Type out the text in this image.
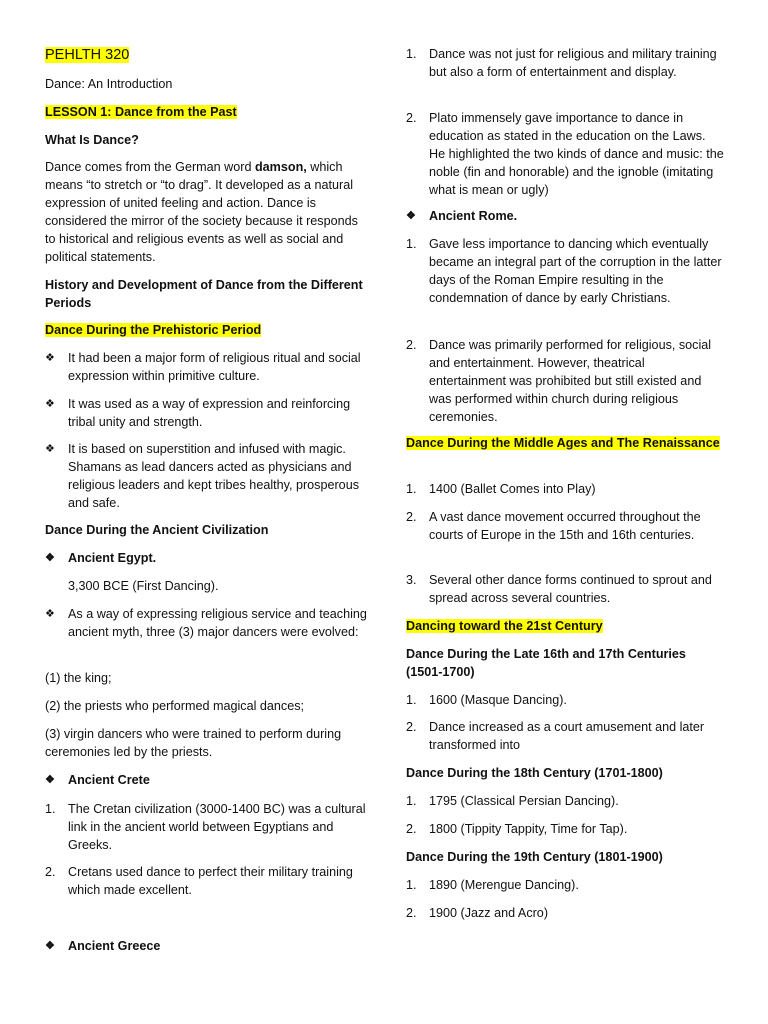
PEHLTH 320

Dance: An Introduction

LESSON 1: Dance from the Past

What Is Dance?

Dance comes from the German word damson, which means “to stretch or “to drag”. It developed as a natural expression of united feeling and action. Dance is considered the mirror of the society because it responds to historical and religious events as well as social and political statements.

History and Development of Dance from the Different Periods

Dance During the Prehistoric Period

❖	It had been a major form of religious ritual and social expression within primitive culture.
❖	It was used as a way of expression and reinforcing tribal unity and strength.
❖	It is based on superstition and infused with magic. Shamans as lead dancers acted as physicians and religious leaders and kept tribes healthy, prosperous and safe.

Dance During the Ancient Civilization

❖	Ancient Egypt.

3,300 BCE (First Dancing).

❖	As a way of expressing religious service and teaching ancient myth, three (3) major dancers were evolved:

(1) the king;

(2) the priests who performed magical dances;

(3) virgin dancers who were trained to perform during ceremonies led by the priests.

❖	Ancient Crete
1. The Cretan civilization (3000-1400 BC) was a cultural link in the ancient world between Egyptians and Greeks.
2. Cretans used dance to perfect their military training which made excellent.
❖	Ancient Greece
1. Dance was not just for religious and military training but also a form of entertainment and display.
2. Plato immensely gave importance to dance in education as stated in the education on the Laws. He highlighted the two kinds of dance and music: the noble (fin and honorable) and the ignoble (imitating what is mean or ugly)
❖	Ancient Rome.
1. Gave less importance to dancing which eventually became an integral part of the corruption in the latter days of the Roman Empire resulting in the condemnation of dance by early Christians.
2. Dance was primarily performed for religious, social and entertainment. However, theatrical entertainment was prohibited but still existed and was performed within church during religious ceremonies.

Dance During the Middle Ages and The Renaissance

1. 1400 (Ballet Comes into Play)
2. A vast dance movement occurred throughout the courts of Europe in the 15th and 16th centuries.
3. Several other dance forms continued to sprout and spread across several countries.

Dancing toward the 21st Century

Dance During the Late 16th and 17th Centuries (1501-1700)

1. 1600 (Masque Dancing).
2. Dance increased as a court amusement and later transformed into

Dance During the 18th Century (1701-1800)

1. 1795 (Classical Persian Dancing).
2. 1800 (Tippity Tappity, Time for Tap).

Dance During the 19th Century (1801-1900)

1. 1890 (Merengue Dancing).
2. 1900 (Jazz and Acro)
